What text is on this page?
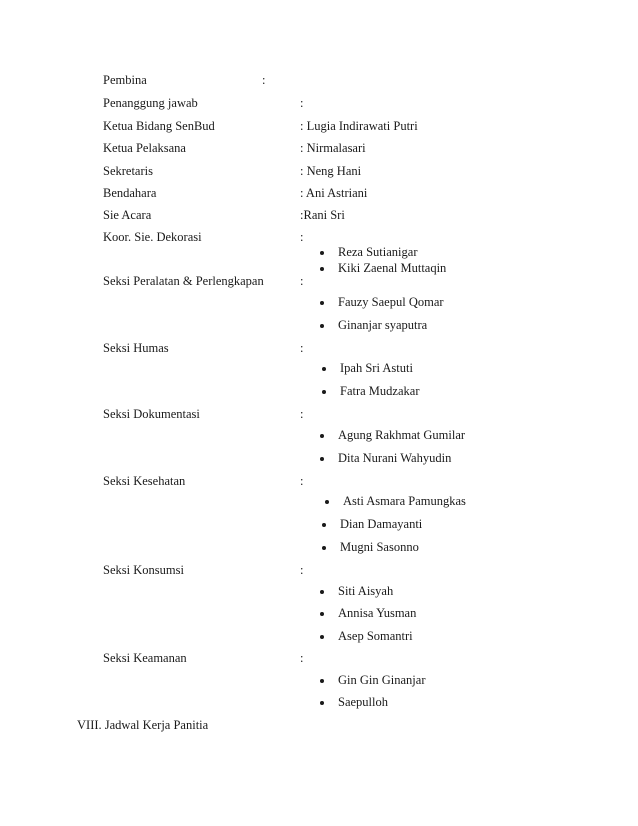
Pembina	:
Penanggung jawab	:
Ketua Bidang SenBud	: Lugia Indirawati Putri
Ketua Pelaksana	: Nirmalasari
Sekretaris	: Neng Hani
Bendahara	: Ani Astriani
Sie Acara	:Rani Sri
Koor. Sie. Dekorasi	:
Reza Sutianigar
Kiki Zaenal Muttaqin
Seksi Peralatan & Perlengkapan	:
Fauzy Saepul Qomar
Ginanjar syaputra
Seksi Humas	:
Ipah Sri Astuti
Fatra Mudzakar
Seksi Dokumentasi	:
Agung Rakhmat Gumilar
Dita Nurani Wahyudin
Seksi Kesehatan	:
Asti Asmara Pamungkas
Dian Damayanti
Mugni Sasonno
Seksi Konsumsi	:
Siti Aisyah
Annisa Yusman
Asep Somantri
Seksi Keamanan	:
Gin Gin Ginanjar
Saepulloh
VIII. Jadwal Kerja Panitia
